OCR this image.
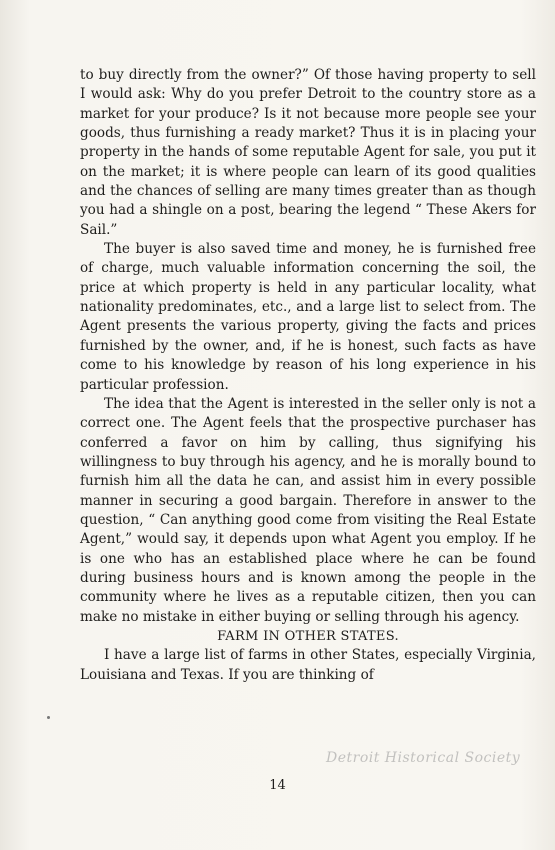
to buy directly from the owner?” Of those having property to sell I would ask: Why do you prefer Detroit to the country store as a market for your produce? Is it not because more people see your goods, thus furnishing a ready market? Thus it is in placing your property in the hands of some reputable Agent for sale, you put it on the market; it is where people can learn of its good qualities and the chances of selling are many times greater than as though you had a shingle on a post, bearing the legend “ These Akers for Sail.”

The buyer is also saved time and money, he is furnished free of charge, much valuable information concerning the soil, the price at which property is held in any particular locality, what nationality predominates, etc., and a large list to select from. The Agent presents the various property, giving the facts and prices furnished by the owner, and, if he is honest, such facts as have come to his knowledge by reason of his long experience in his particular profession.

The idea that the Agent is interested in the seller only is not a correct one. The Agent feels that the prospective purchaser has conferred a favor on him by calling, thus signifying his willingness to buy through his agency, and he is morally bound to furnish him all the data he can, and assist him in every possible manner in securing a good bargain. Therefore in answer to the question, “ Can anything good come from visiting the Real Estate Agent,” would say, it depends upon what Agent you employ. If he is one who has an established place where he can be found during business hours and is known among the people in the community where he lives as a reputable citizen, then you can make no mistake in either buying or selling through his agency.

FARM IN OTHER STATES.

I have a large list of farms in other States, especially Virginia, Louisiana and Texas. If you are thinking of

Detroit Historical Society
14
